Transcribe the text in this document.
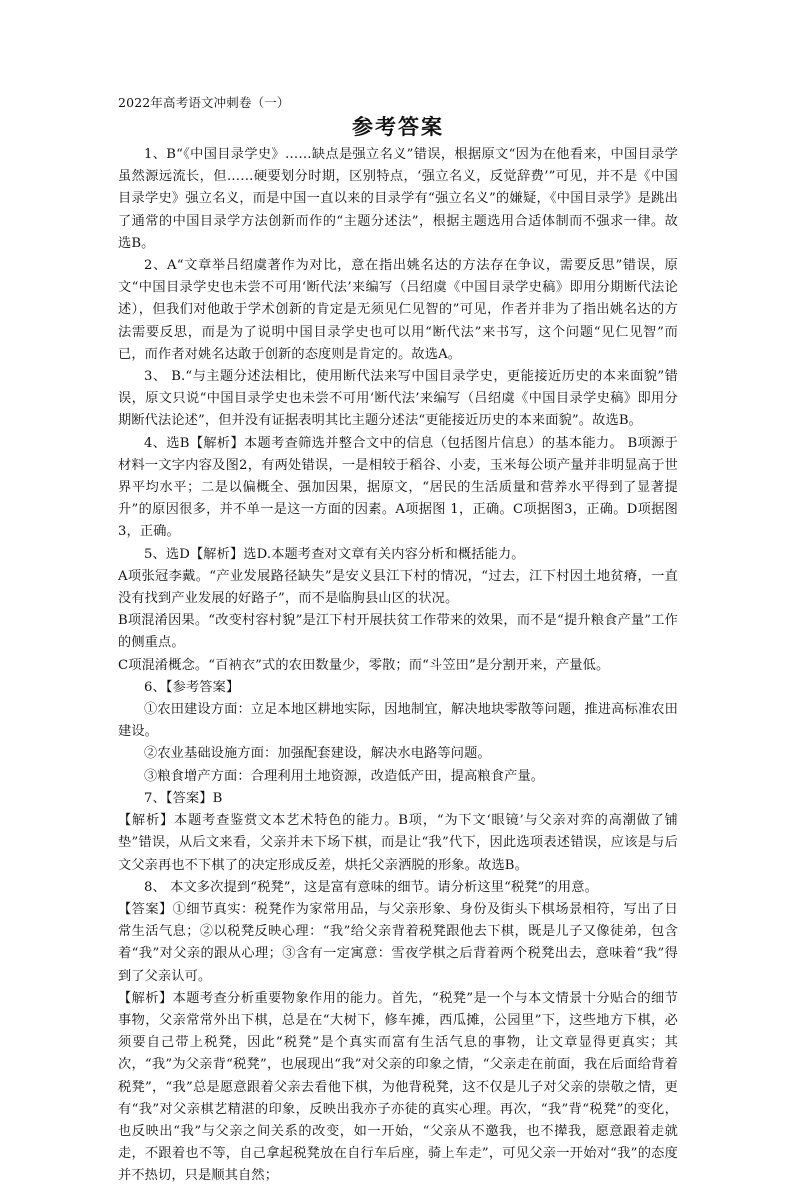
2022年高考语文冲刺卷（一）
参考答案

1、B“《中国目录学史》……缺点是强立名义”错误，根据原文“因为在他看来，中国目录学虽然源远流长，但……硬要划分时期，区别特点，‘强立名义，反觉辞费’”可见，并不是《中国目录学史》强立名义，而是中国一直以来的目录学有“强立名义”的嫌疑，《中国目录学》是跳出了通常的中国目录学方法创新而作的“主题分述法”，根据主题选用合适体制而不强求一律。故选B。

2、A“文章举吕绍虞著作为对比，意在指出姚名达的方法存在争议，需要反思”错误，原文“中国目录学史也未尝不可用‘断代法’来编写（吕绍虞《中国目录学史稿》即用分期断代法论述），但我们对他敢于学术创新的肯定是无须见仁见智的”可见，作者并非为了指出姚名达的方法需要反思，而是为了说明中国目录学史也可以用“断代法”来书写，这个问题“见仁见智”而已，而作者对姚名达敢于创新的态度则是肯定的。故选A。

3、 B.“与主题分述法相比，使用断代法来写中国目录学史，更能接近历史的本来面貌”错误，原文只说“中国目录学史也未尝不可用‘断代法’来编写（吕绍虞《中国目录学史稿》即用分期断代法论述”，但并没有证据表明其比主题分述法“更能接近历史的本来面貌”。故选B。

4、选B【解析】本题考查筛选并整合文中的信息（包括图片信息）的基本能力。 B项源于材料一文字内容及图2，有两处错误，一是相较于稻谷、小麦，玉米每公顷产量并非明显高于世界平均水平；二是以偏概全、强加因果，据原文，“居民的生活质量和营养水平得到了显著提升”的原因很多，并不单一是这一方面的因素。A项据图 1，正确。C项据图3，正确。D项据图 3，正确。

5、选D【解析】选D.本题考查对文章有关内容分析和概括能力。

A项张冠李戴。“产业发展路径缺失”是安义县江下村的情况，“过去，江下村因土地贫瘠，一直没有找到产业发展的好路子”，而不是临朐县山区的状况。

B项混淆因果。“改变村容村貌”是江下村开展扶贫工作带来的效果，而不是“提升粮食产量”工作的侧重点。

C项混淆概念。“百衲衣”式的农田数量少，零散；而“斗笠田”是分割开来，产量低。

6、【参考答案】

①农田建设方面：立足本地区耕地实际，因地制宜，解决地块零散等问题，推进高标准农田建设。

②农业基础设施方面：加强配套建设，解决水电路等问题。

③粮食增产方面：合理利用土地资源，改造低产田，提高粮食产量。

7、【答案】B

【解析】本题考查鉴赏文本艺术特色的能力。B项，“为下文‘眼镜’与父亲对弈的高潮做了铺垫”错误，从后文来看，父亲并未下场下棋，而是让“我”代下，因此选项表述错误，应该是与后文父亲再也不下棋了的决定形成反差，烘托父亲洒脱的形象。故选B。

8、 本文多次提到“税凳”，这是富有意味的细节。请分析这里“税凳”的用意。

【答案】①细节真实：税凳作为家常用品，与父亲形象、身份及街头下棋场景相符，写出了日常生活气息；②以税凳反映心理：“我”给父亲背着税凳跟他去下棋，既是儿子又像徒弟，包含着“我”对父亲的跟从心理；③含有一定寓意：雪夜学棋之后背着两个税凳出去，意味着“我”得到了父亲认可。

【解析】本题考查分析重要物象作用的能力。首先，“税凳”是一个与本文情景十分贴合的细节事物，父亲常常外出下棋，总是在“大树下，修车摊，西瓜摊，公园里”下，这些地方下棋，必须要自己带上税凳，因此“税凳”是个真实而富有生活气息的事物，让文章显得更真实；其次，“我”为父亲背“税凳”，也展现出“我”对父亲的印象之情，“父亲走在前面，我在后面给背着税凳”，“我”总是愿意跟着父亲去看他下棋，为他背税凳，这不仅是儿子对父亲的崇敬之情，更有“我”对父亲棋艺精湛的印象，反映出我亦子亦徒的真实心理。再次，“我”背“税凳”的变化，也反映出“我”与父亲之间关系的改变，如一开始，“父亲从不邀我，也不撵我，愿意跟着走就走，不跟着也不等，自己拿起税凳放在自行车后座，骑上车走”，可见父亲一开始对“我”的态度并不热切，只是顺其自然；
